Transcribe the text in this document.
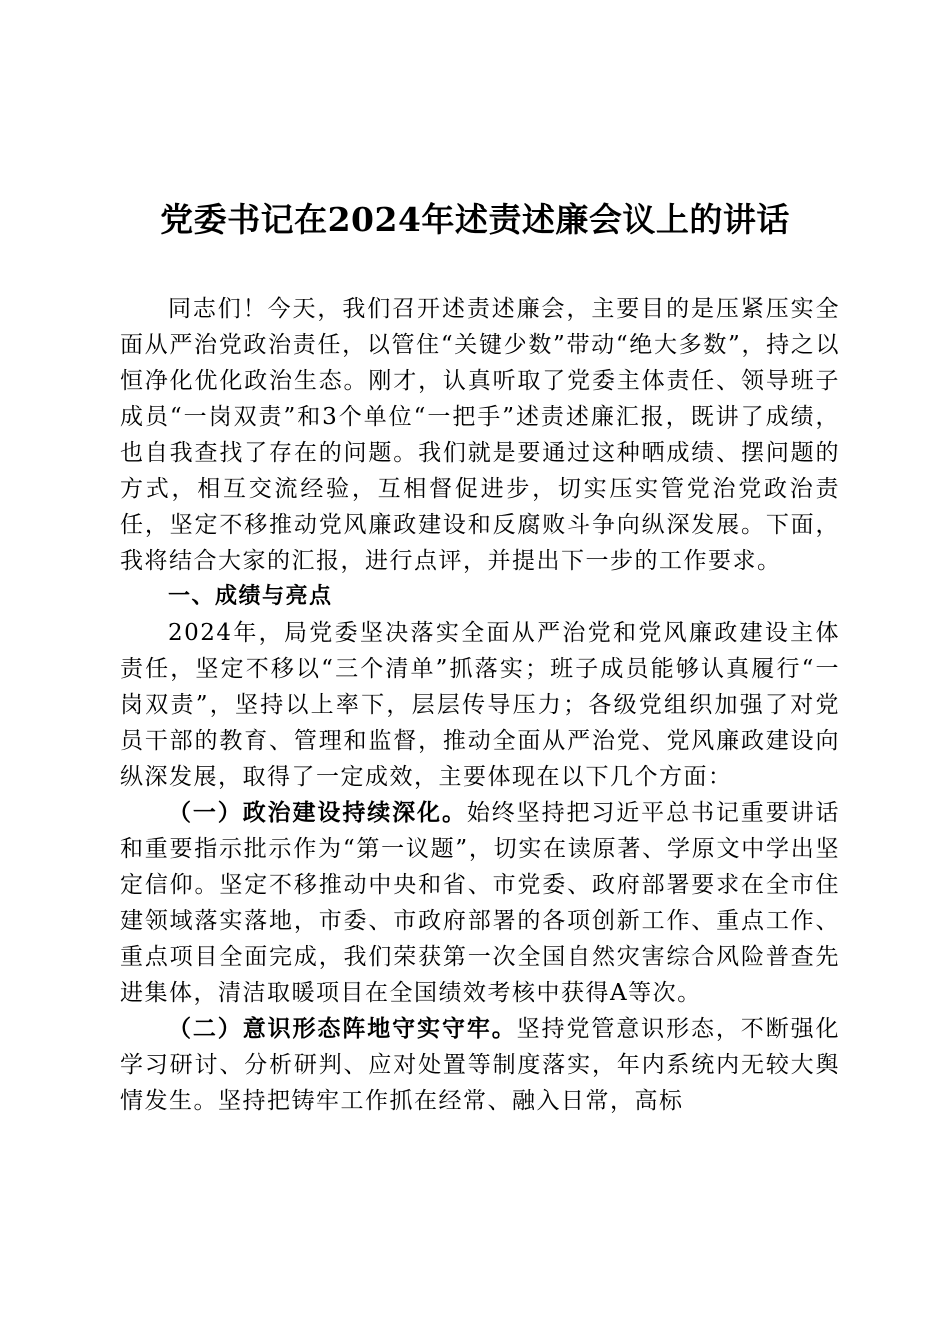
党委书记在2024年述责述廉会议上的讲话

同志们！今天，我们召开述责述廉会，主要目的是压紧压实全面从严治党政治责任，以管住“关键少数”带动“绝大多数”，持之以恒净化优化政治生态。刚才，认真听取了党委主体责任、领导班子成员“一岗双责”和3个单位“一把手”述责述廉汇报，既讲了成绩，也自我查找了存在的问题。我们就是要通过这种晒成绩、摆问题的方式，相互交流经验，互相督促进步，切实压实管党治党政治责任，坚定不移推动党风廉政建设和反腐败斗争向纵深发展。下面，我将结合大家的汇报，进行点评，并提出下一步的工作要求。

一、成绩与亮点

2024年，局党委坚决落实全面从严治党和党风廉政建设主体责任，坚定不移以“三个清单”抓落实；班子成员能够认真履行“一岗双责”，坚持以上率下，层层传导压力；各级党组织加强了对党员干部的教育、管理和监督，推动全面从严治党、党风廉政建设向纵深发展，取得了一定成效，主要体现在以下几个方面：

（一）政治建设持续深化。始终坚持把习近平总书记重要讲话和重要指示批示作为“第一议题”，切实在读原著、学原文中学出坚定信仰。坚定不移推动中央和省、市党委、政府部署要求在全市住建领域落实落地，市委、市政府部署的各项创新工作、重点工作、重点项目全面完成，我们荣获第一次全国自然灾害综合风险普查先进集体，清洁取暖项目在全国绩效考核中获得A等次。

（二）意识形态阵地守实守牢。坚持党管意识形态，不断强化学习研讨、分析研判、应对处置等制度落实，年内系统内无较大舆情发生。坚持把铸牢工作抓在经常、融入日常，高标
